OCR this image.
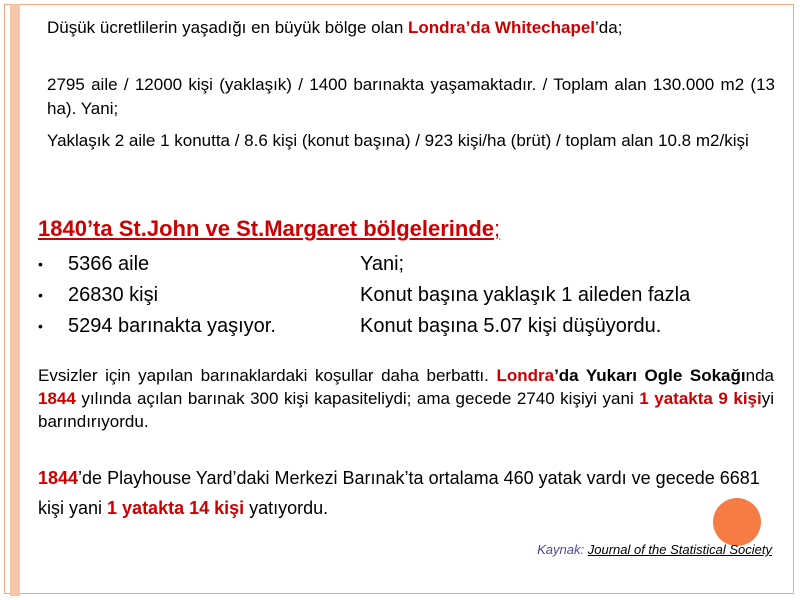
Düşük ücretlilerin yaşadığı en büyük bölge olan Londra’da Whitechapel’da;
2795 aile / 12000 kişi (yaklaşık) / 1400 barınakta yaşamaktadır. / Toplam alan 130.000 m2 (13 ha). Yani;
Yaklaşık 2 aile 1 konutta / 8.6 kişi (konut başına) / 923 kişi/ha (brüt) / toplam alan 10.8 m2/kişi
1840’ta St.John ve St.Margaret bölgelerinde;
•	5366 aile	Yani;
•	26830 kişi	Konut başına yaklaşık 1 aileden fazla
•	5294 barınakta yaşıyor.	Konut başına 5.07 kişi düşüyordu.
Evsizler için yapılan barınaklardaki koşullar daha berbattı. Londra’da Yukarı Ogle Sokağında 1844 yılında açılan barınak 300 kişi kapasiteliydi; ama gecede 2740 kişiyi yani 1 yatakta 9 kişiyi barındırıyordu.
1844’de Playhouse Yard’daki Merkezi Barınak’ta ortalama 460 yatak vardı ve gecede 6681 kişi yani 1 yatakta 14 kişi yatıyordu.
Kaynak: Journal of the Statistical Society
